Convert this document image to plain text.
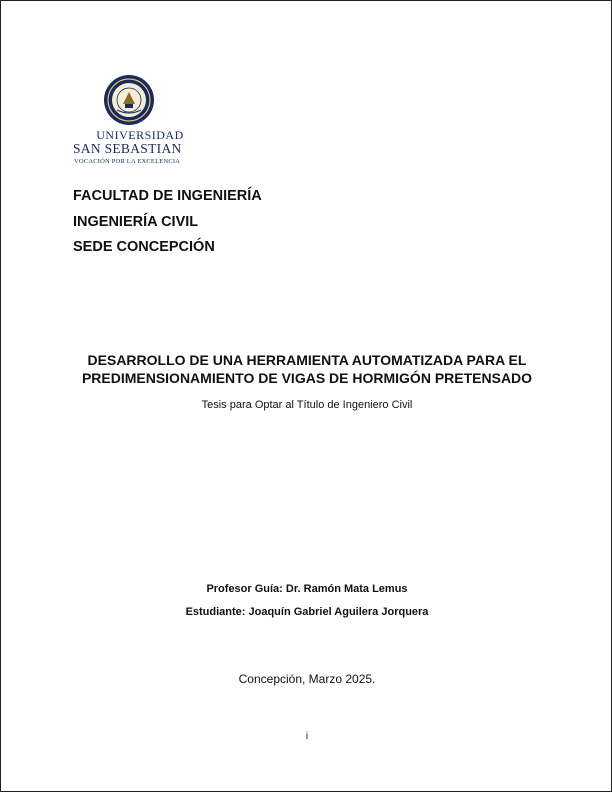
UNIVERSIDAD
SAN SEBASTIAN
VOCACIÓN POR LA EXCELENCIA
FACULTAD DE INGENIERÍA
INGENIERÍA CIVIL
SEDE CONCEPCIÓN
DESARROLLO DE UNA HERRAMIENTA AUTOMATIZADA PARA EL
PREDIMENSIONAMIENTO DE VIGAS DE HORMIGÓN PRETENSADO
Tesis para Optar al Título de Ingeniero Civil
Profesor Guía: Dr. Ramón Mata Lemus
Estudiante: Joaquín Gabriel Aguilera Jorquera
Concepción, Marzo 2025.
i
